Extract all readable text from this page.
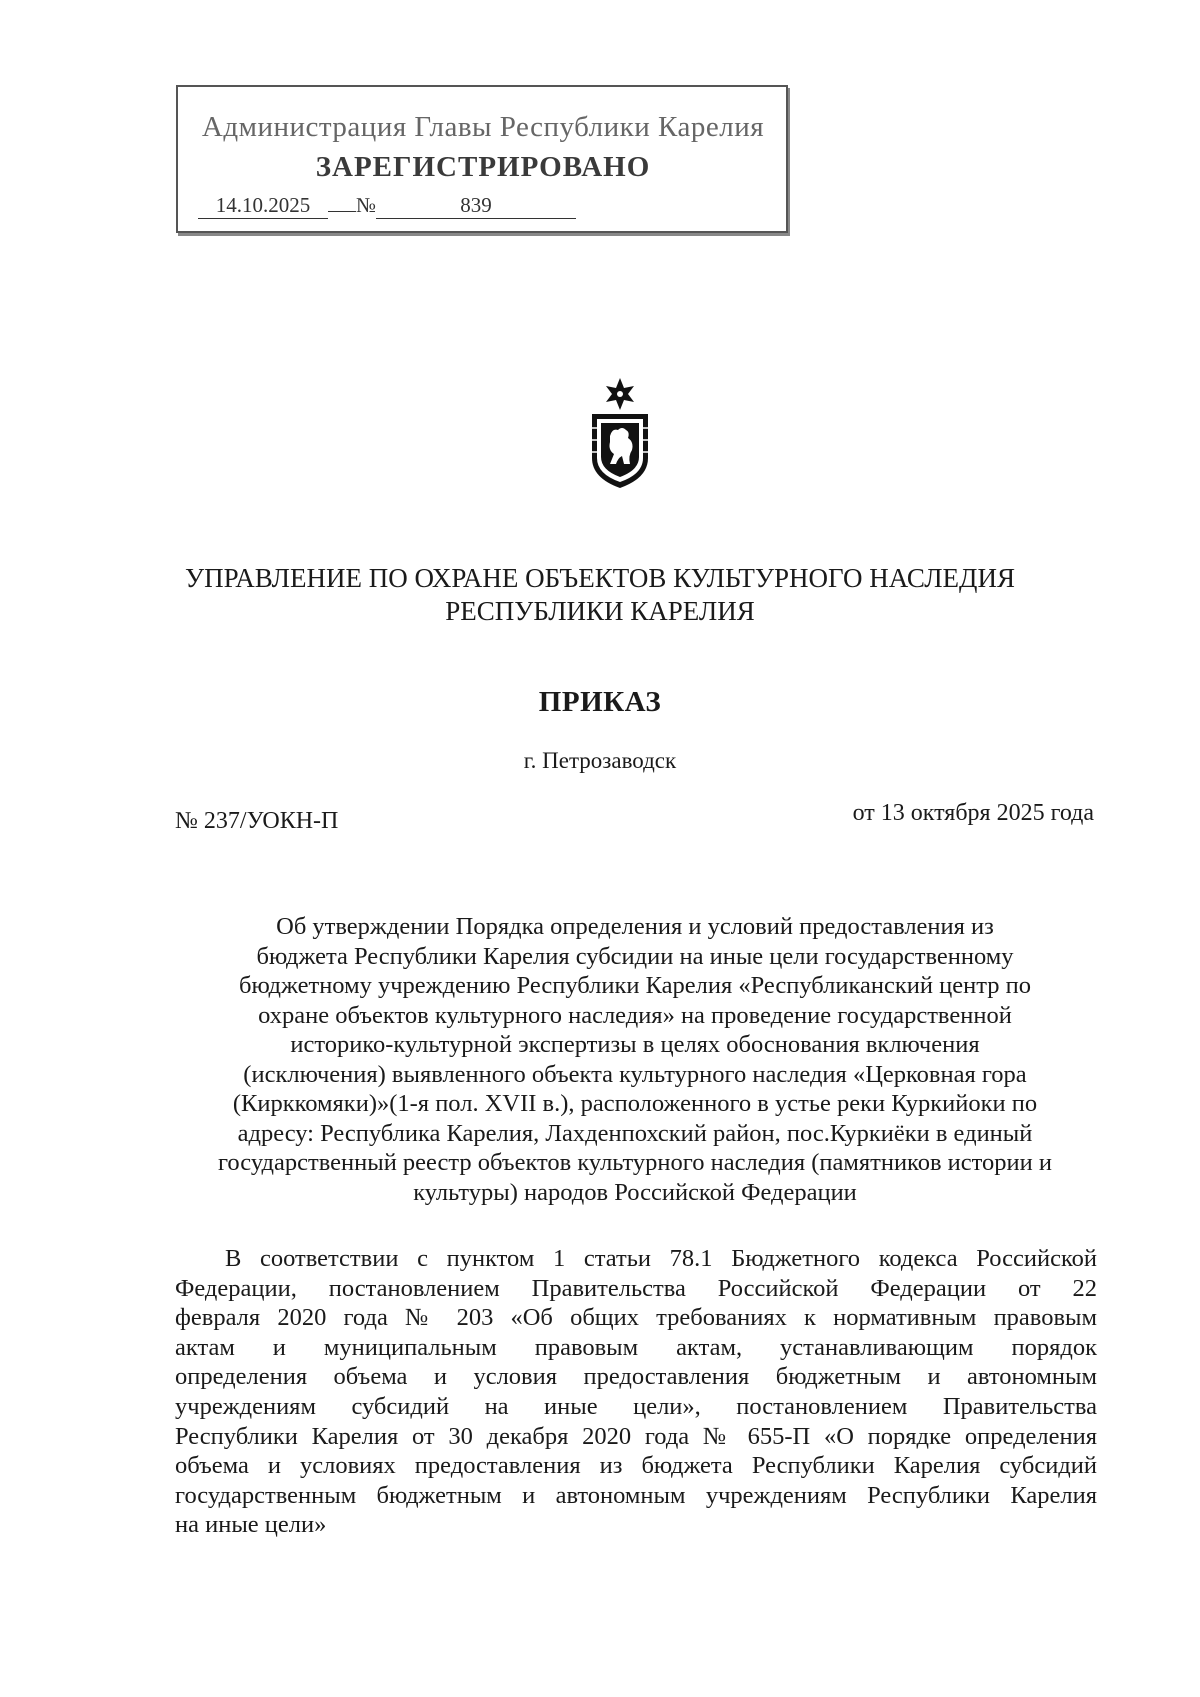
Администрация Главы Республики Карелия
ЗАРЕГИСТРИРОВАНО
14.10.2025 №	839
УПРАВЛЕНИЕ ПО ОХРАНЕ ОБЪЕКТОВ КУЛЬТУРНОГО НАСЛЕДИЯ
РЕСПУБЛИКИ КАРЕЛИЯ
ПРИКАЗ
г. Петрозаводск
№ 237/УОКН-П	от 13 октября 2025 года
Об утверждении Порядка определения и условий предоставления из
бюджета Республики Карелия субсидии на иные цели государственному
бюджетному учреждению Республики Карелия «Республиканский центр по
охране объектов культурного наследия» на проведение государственной
историко-культурной экспертизы в целях обоснования включения
(исключения) выявленного объекта культурного наследия «Церковная гора
(Кирккомяки)»(1-я пол. XVII в.), расположенного в устье реки Куркийоки по
адресу: Республика Карелия, Лахденпохский район, пос.Куркиёки в единый
государственный реестр объектов культурного наследия (памятников истории и
культуры) народов Российской Федерации
В соответствии с пунктом 1 статьи 78.1 Бюджетного кодекса Российской
Федерации, постановлением Правительства Российской Федерации от 22
февраля 2020 года № 203 «Об общих требованиях к нормативным правовым
актам и муниципальным правовым актам, устанавливающим порядок
определения объема и условия предоставления бюджетным и автономным
учреждениям субсидий на иные цели», постановлением Правительства
Республики Карелия от 30 декабря 2020 года № 655-П «О порядке определения
объема и условиях предоставления из бюджета Республики Карелия субсидий
государственным бюджетным и автономным учреждениям Республики Карелия
на иные цели»
